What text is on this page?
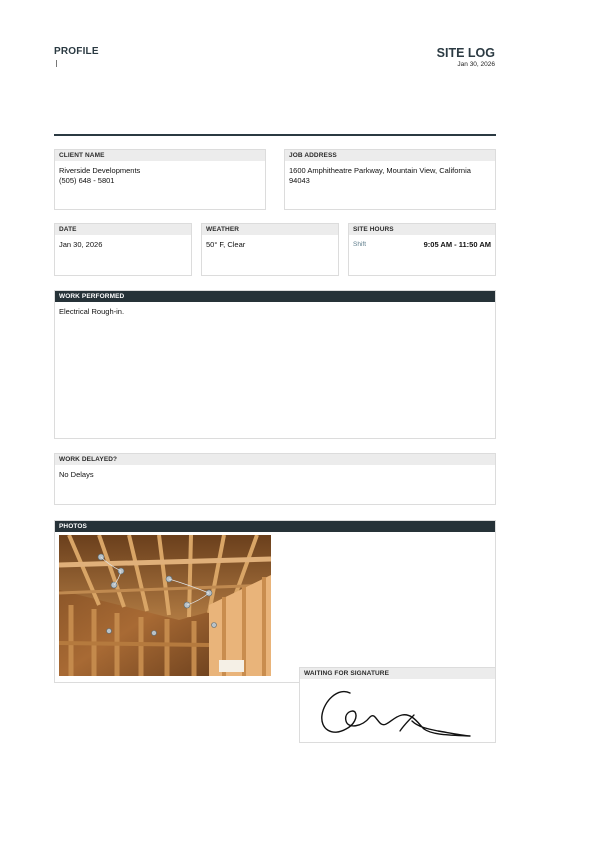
PROFILE	SITE LOG
Jan 30, 2026
CLIENT NAME
Riverside Developments
(505) 648 - 5801
JOB ADDRESS
1600 Amphitheatre Parkway, Mountain View, California
94043
DATE
Jan 30, 2026
WEATHER
50° F, Clear
SITE HOURS
Shift	9:05 AM - 11:50 AM
WORK PERFORMED
Electrical Rough-in.
WORK DELAYED?
No Delays
PHOTOS
WAITING FOR SIGNATURE
